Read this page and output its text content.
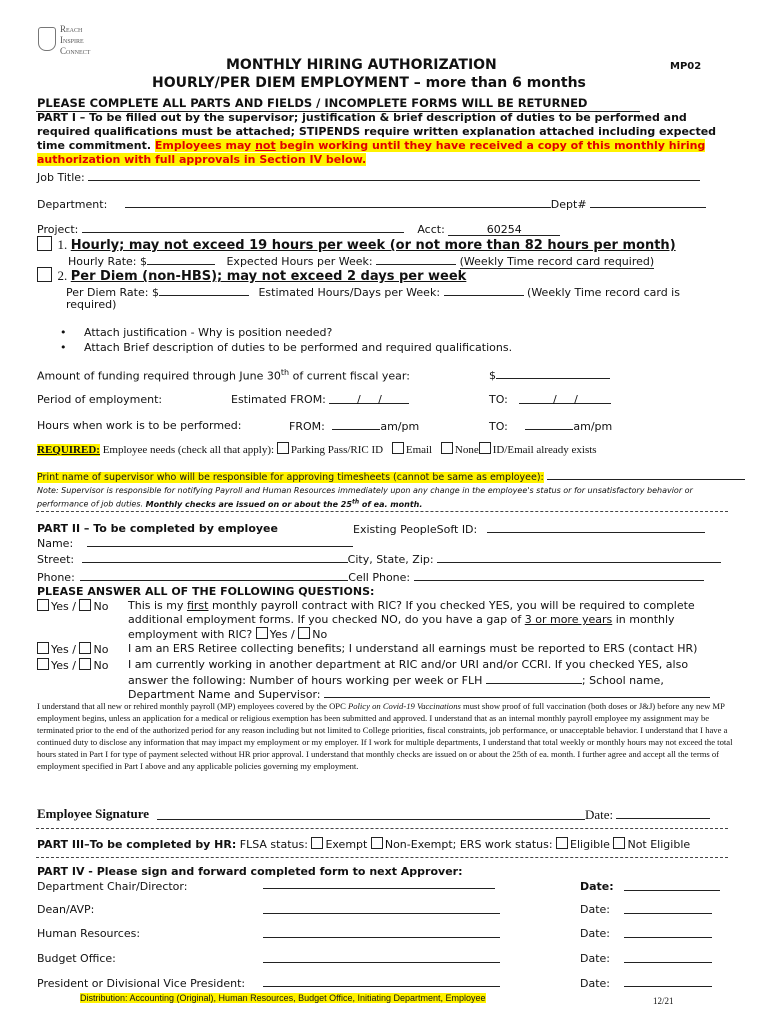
Reach
Inspire
Connect
MONTHLY HIRING AUTHORIZATION	MP02
HOURLY/PER DIEM EMPLOYMENT – more than 6 months
PLEASE COMPLETE ALL PARTS AND FIELDS / INCOMPLETE FORMS WILL BE RETURNED
PART I – To be filled out by the supervisor; justification & brief description of duties to be performed and required qualifications must be attached; STIPENDS require written explanation attached including expected time commitment. Employees may not begin working until they have received a copy of this monthly hiring authorization with full approvals in Section IV below.
Job Title:
Department:	Dept#
Project:	Acct:	60254
1. Hourly; may not exceed 19 hours per week (or not more than 82 hours per month)
Hourly Rate: $	Expected Hours per Week:	(Weekly Time record card required)
2. Per Diem (non-HBS); may not exceed 2 days per week
Per Diem Rate: $	Estimated Hours/Days per Week:	(Weekly Time record card is
required)
•     Attach justification - Why is position needed?
•     Attach Brief description of duties to be performed and required qualifications.
Amount of funding required through June 30th of current fiscal year:	$
Period of employment:	Estimated FROM:	/     /	TO:	/     /
Hours when work is to be performed:	FROM:	am/pm	TO:	am/pm
REQUIRED: Employee needs (check all that apply): Parking Pass/RIC ID Email None ID/Email already exists
Print name of supervisor who will be responsible for approving timesheets (cannot be same as employee):
Note: Supervisor is responsible for notifying Payroll and Human Resources immediately upon any change in the employee's status or for unsatisfactory behavior or performance of job duties. Monthly checks are issued on or about the 25th of ea. month.
PART II – To be completed by employee	Existing PeopleSoft ID:
Name:
Street:	City, State, Zip:
Phone:	Cell Phone:
PLEASE ANSWER ALL OF THE FOLLOWING QUESTIONS:
Yes / No This is my first monthly payroll contract with RIC? If you checked YES, you will be required to complete
additional employment forms. If you checked NO, do you have a gap of 3 or more years in monthly
employment with RIC? Yes / No
Yes / No I am an ERS Retiree collecting benefits; I understand all earnings must be reported to ERS (contact HR)
Yes / No I am currently working in another department at RIC and/or URI and/or CCRI. If you checked YES, also
answer the following: Number of hours working per week or FLH	; School name,
Department Name and Supervisor:
I understand that all new or rehired monthly payroll (MP) employees covered by the OPC Policy on Covid-19 Vaccinations must show proof of full vaccination (both doses or J&J) before any new MP employment begins, unless an application for a medical or religious exemption has been submitted and approved. I understand that as an internal monthly payroll employee my assignment may be terminated prior to the end of the authorized period for any reason including but not limited to College priorities, fiscal constraints, job performance, or unacceptable behavior. I understand that I have a continued duty to disclose any information that may impact my employment or my employer. If I work for multiple departments, I understand that total weekly or monthly hours may not exceed the total hours stated in Part I for type of payment selected without HR prior approval. I understand that monthly checks are issued on or about the 25th of ea. month. I further agree and accept all the terms of employment specified in Part I above and any applicable policies governing my employment.
Employee Signature	Date:
PART III–To be completed by HR: FLSA status: Exempt Non-Exempt; ERS work status: Eligible Not Eligible
PART IV - Please sign and forward completed form to next Approver:
Department Chair/Director:	Date:
Dean/AVP:	Date:
Human Resources:	Date:
Budget Office:	Date:
President or Divisional Vice President:	Date:
Distribution: Accounting (Original), Human Resources, Budget Office, Initiating Department, Employee	12/21
